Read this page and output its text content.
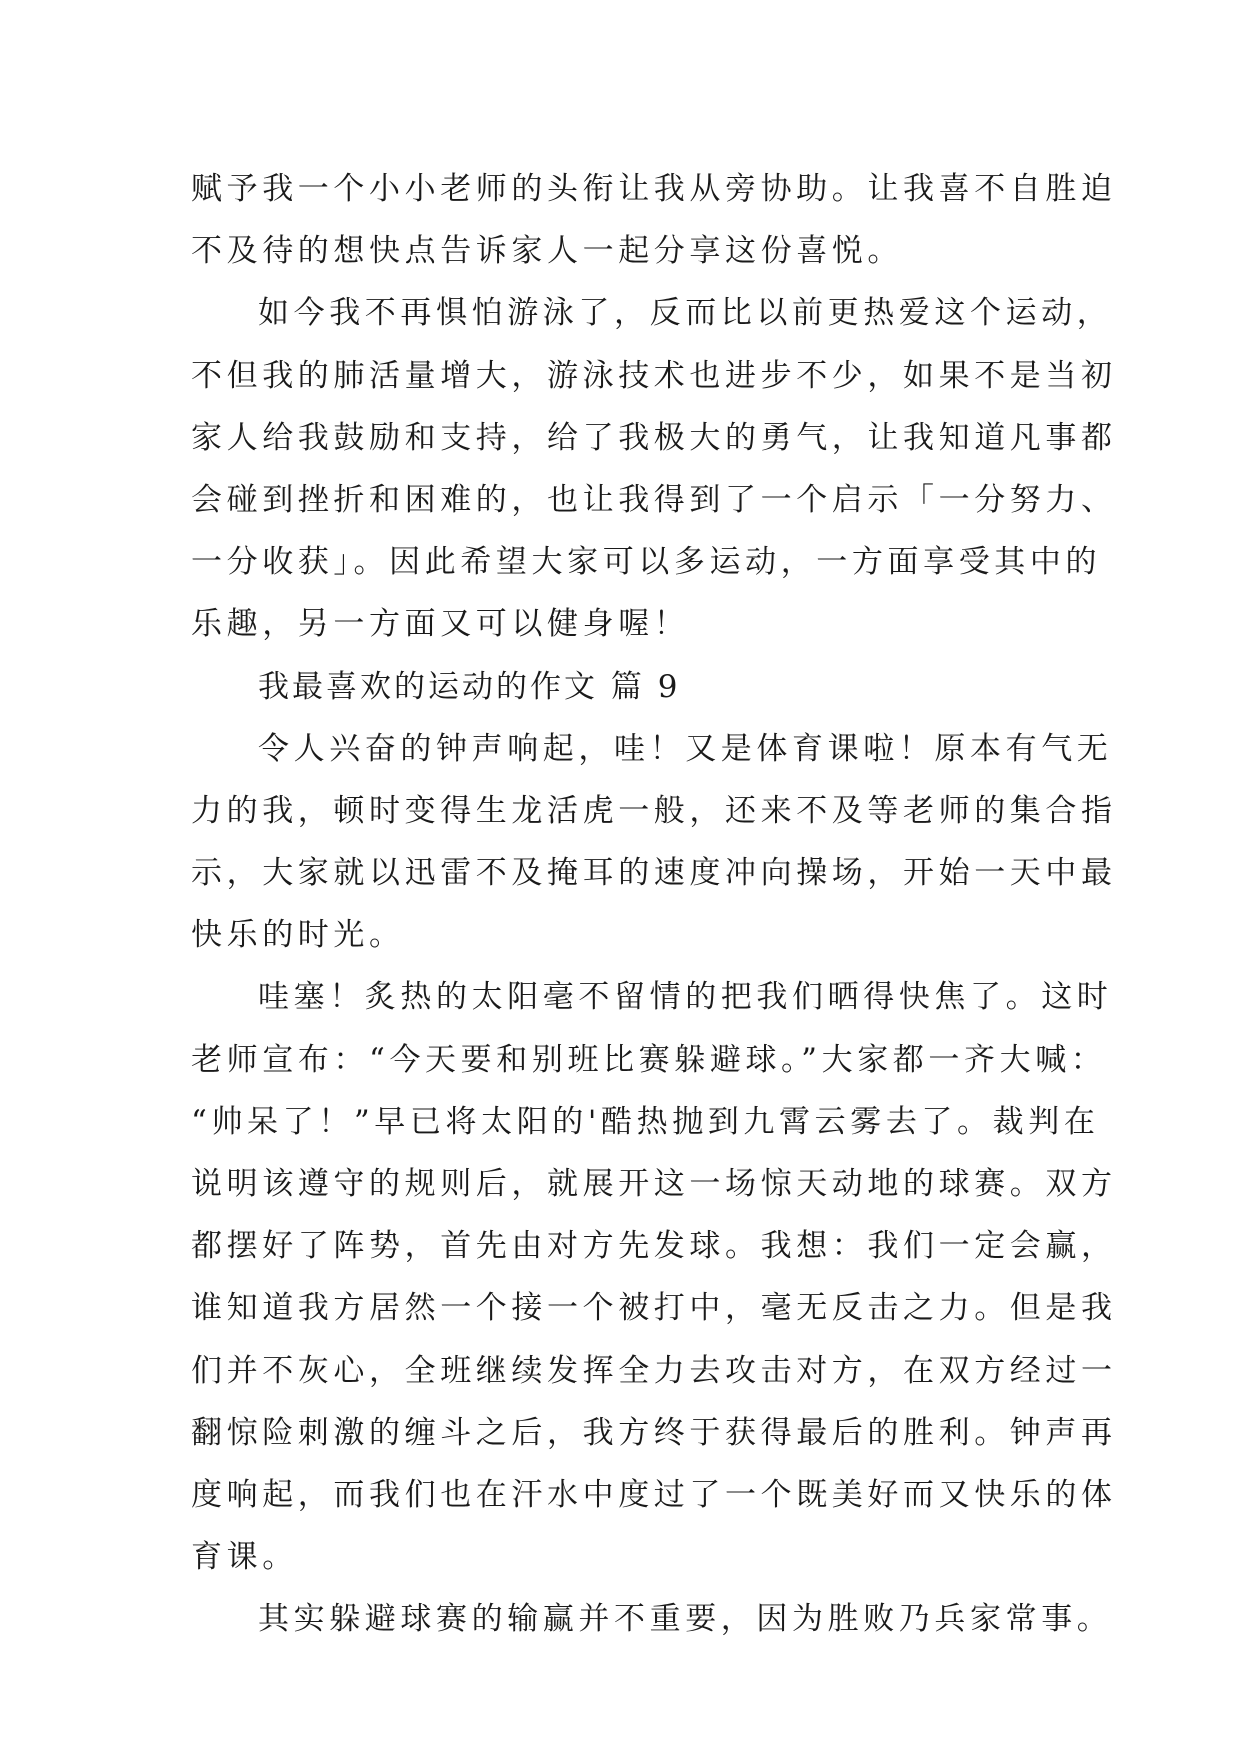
赋予我一个小小老师的头衔让我从旁协助。让我喜不自胜迫
不及待的想快点告诉家人一起分享这份喜悦。
如今我不再惧怕游泳了，反而比以前更热爱这个运动，
不但我的肺活量增大，游泳技术也进步不少，如果不是当初
家人给我鼓励和支持，给了我极大的勇气，让我知道凡事都
会碰到挫折和困难的，也让我得到了一个启示「一分努力、
一分收获」。因此希望大家可以多运动，一方面享受其中的
乐趣，另一方面又可以健身喔！
我最喜欢的运动的作文 篇 9
令人兴奋的钟声响起，哇！又是体育课啦！原本有气无
力的我，顿时变得生龙活虎一般，还来不及等老师的集合指
示，大家就以迅雷不及掩耳的速度冲向操场，开始一天中最
快乐的时光。
哇塞！炙热的太阳毫不留情的把我们晒得快焦了。这时
老师宣布：“今天要和别班比赛躲避球。”大家都一齐大喊：
“帅呆了！”早已将太阳的'酷热抛到九霄云雾去了。裁判在
说明该遵守的规则后，就展开这一场惊天动地的球赛。双方
都摆好了阵势，首先由对方先发球。我想：我们一定会赢，
谁知道我方居然一个接一个被打中，毫无反击之力。但是我
们并不灰心，全班继续发挥全力去攻击对方，在双方经过一
翻惊险刺激的缠斗之后，我方终于获得最后的胜利。钟声再
度响起，而我们也在汗水中度过了一个既美好而又快乐的体
育课。
其实躲避球赛的输赢并不重要，因为胜败乃兵家常事。
